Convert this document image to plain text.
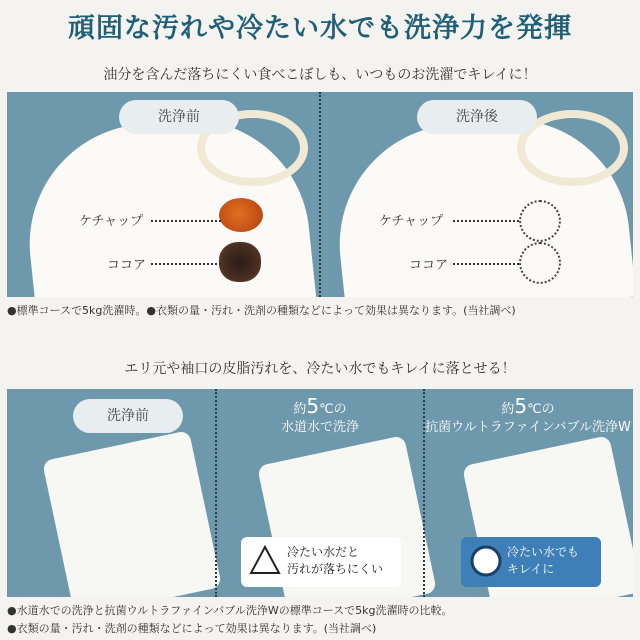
頑固な汚れや冷たい水でも洗浄力を発揮
油分を含んだ落ちにくい食べこぼしも、いつものお洗濯でキレイに！
洗浄前	洗浄後
ケチャップ
ココア
ケチャップ
ココア
●標準コースで5kg洗濯時。●衣類の量・汚れ・洗剤の種類などによって効果は異なります。(当社調べ)
エリ元や袖口の皮脂汚れを、冷たい水でもキレイに落とせる！
洗浄前	約5℃の
水道水で洗浄
約5℃の
抗菌ウルトラファインバブル洗浄W
冷たい水だと
汚れが落ちにくい
冷たい水でも
キレイに
●水道水での洗浄と抗菌ウルトラファインバブル洗浄Wの標準コースで5kg洗濯時の比較。
●衣類の量・汚れ・洗剤の種類などによって効果は異なります。(当社調べ)
